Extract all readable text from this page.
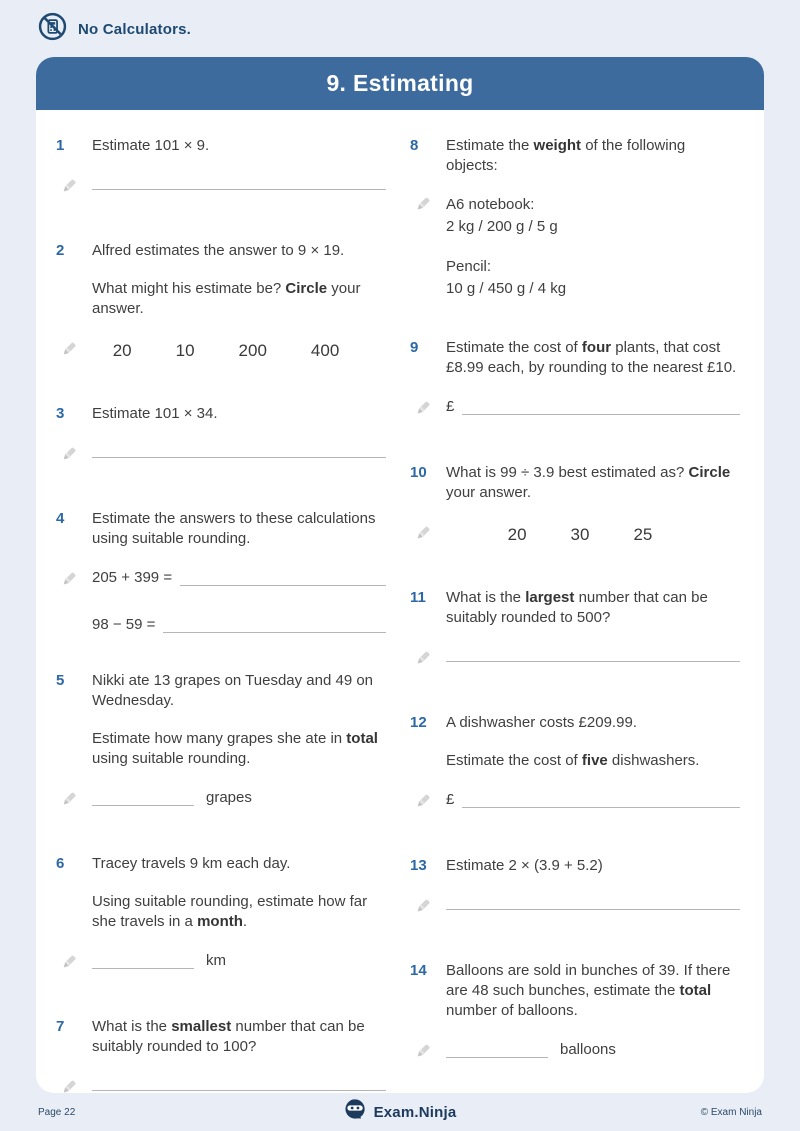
No Calculators.
9. Estimating
1	Estimate 101 × 9.

2	Alfred estimates the answer to 9 × 19.

What might his estimate be? Circle your answer.

20	10	200	400
3	Estimate 101 × 34.

4	Estimate the answers to these calculations using suitable rounding.

205 + 399 =
98 − 59 =
5	Nikki ate 13 grapes on Tuesday and 49 on Wednesday.

Estimate how many grapes she ate in total using suitable rounding.

grapes
6	Tracey travels 9 km each day.

Using suitable rounding, estimate how far she travels in a month.

km
7	What is the smallest number that can be suitably rounded to 100?

8	Estimate the weight of the following objects:

A6 notebook:
2 kg / 200 g / 5 g
Pencil:
10 g / 450 g / 4 kg
9	Estimate the cost of four plants, that cost £8.99 each, by rounding to the nearest £10.

£
10	What is 99 ÷ 3.9 best estimated as? Circle your answer.

20	30	25
11	What is the largest number that can be suitably rounded to 500?

12	A dishwasher costs £209.99.

Estimate the cost of five dishwashers.

£
13	Estimate 2 × (3.9 + 5.2)

14	Balloons are sold in bunches of 39. If there are 48 such bunches, estimate the total number of balloons.

balloons
Page 22	Exam.Ninja	© Exam Ninja
